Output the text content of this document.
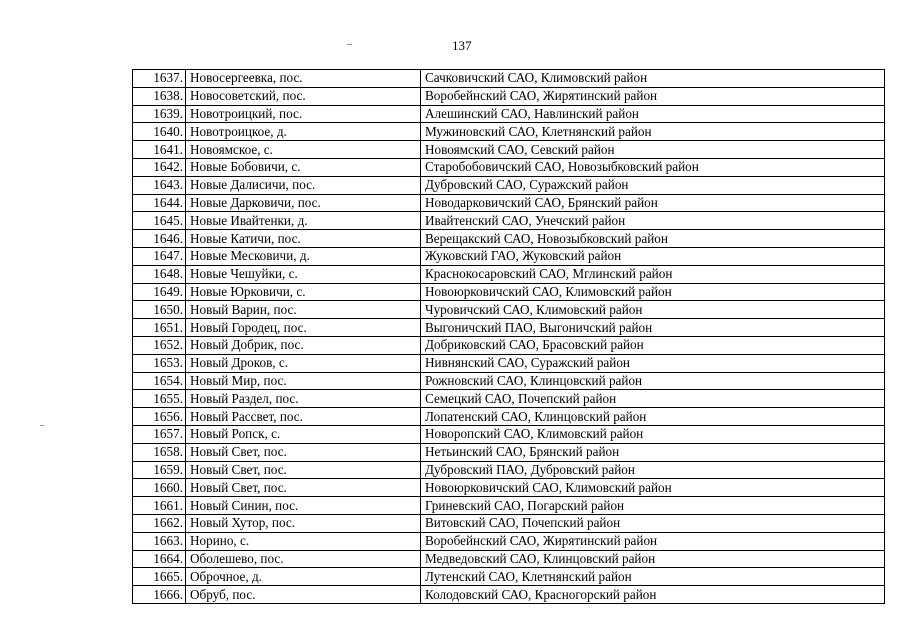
137
1637.	Новосергеевка, пос.	Сачковичский САО, Климовский район
1638.	Новосоветский, пос.	Воробейнский САО, Жирятинский район
1639.	Новотроицкий, пос.	Алешинский САО, Навлинский район
1640.	Новотроицкое, д.	Мужиновский САО, Клетнянский район
1641.	Новоямское, с.	Новоямский САО, Севский район
1642.	Новые Бобовичи, с.	Старобобовичский САО, Новозыбковский район
1643.	Новые Далисичи, пос.	Дубровский САО, Суражский район
1644.	Новые Дарковичи, пос.	Новодарковичский САО, Брянский район
1645.	Новые Ивайтенки, д.	Ивайтенский САО, Унечский район
1646.	Новые Катичи, пос.	Верещакский САО, Новозыбковский район
1647.	Новые Месковичи, д.	Жуковский ГАО, Жуковский район
1648.	Новые Чешуйки, с.	Краснокосаровский САО, Мглинский район
1649.	Новые Юрковичи, с.	Новоюрковичский САО, Климовский район
1650.	Новый Варин, пос.	Чуровичский САО, Климовский район
1651.	Новый Городец, пос.	Выгоничский ПАО, Выгоничский район
1652.	Новый Добрик, пос.	Добриковский САО, Брасовский район
1653.	Новый Дроков, с.	Нивнянский САО, Суражский район
1654.	Новый Мир, пос.	Рожновский САО, Клинцовский район
1655.	Новый Раздел, пос.	Семецкий САО, Почепский район
1656.	Новый Рассвет, пос.	Лопатенский САО, Клинцовский район
1657.	Новый Ропск, с.	Новоропский САО, Климовский район
1658.	Новый Свет, пос.	Нетьинский САО, Брянский район
1659.	Новый Свет, пос.	Дубровский ПАО, Дубровский район
1660.	Новый Свет, пос.	Новоюрковичский САО, Климовский район
1661.	Новый Синин, пос.	Гриневский САО, Погарский район
1662.	Новый Хутор, пос.	Витовский САО, Почепский район
1663.	Норино, с.	Воробейнский САО, Жирятинский район
1664.	Оболешево, пос.	Медведовский САО, Клинцовский район
1665.	Оброчное, д.	Лутенский САО, Клетнянский район
1666.	Обруб, пос.	Колодовский САО, Красногорский район
